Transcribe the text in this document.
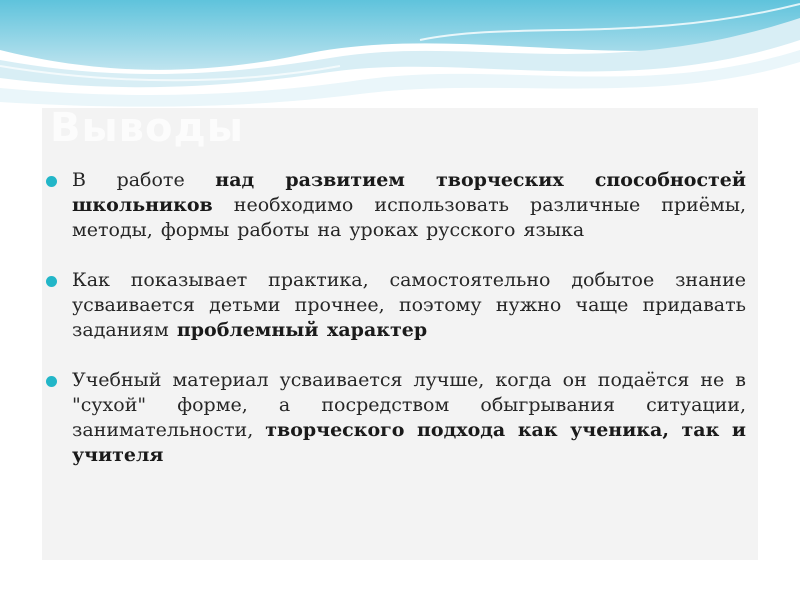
Выводы
В работе над развитием творческих способностей школьников необходимо использовать различные приёмы, методы, формы работы на уроках русского языка
Как показывает практика, самостоятельно добытое знание усваивается детьми прочнее, поэтому нужно чаще придавать заданиям проблемный характер
Учебный материал усваивается лучше, когда он подаётся не в "сухой" форме, а посредством обыгрывания ситуации, занимательности, творческого подхода как ученика, так и учителя
